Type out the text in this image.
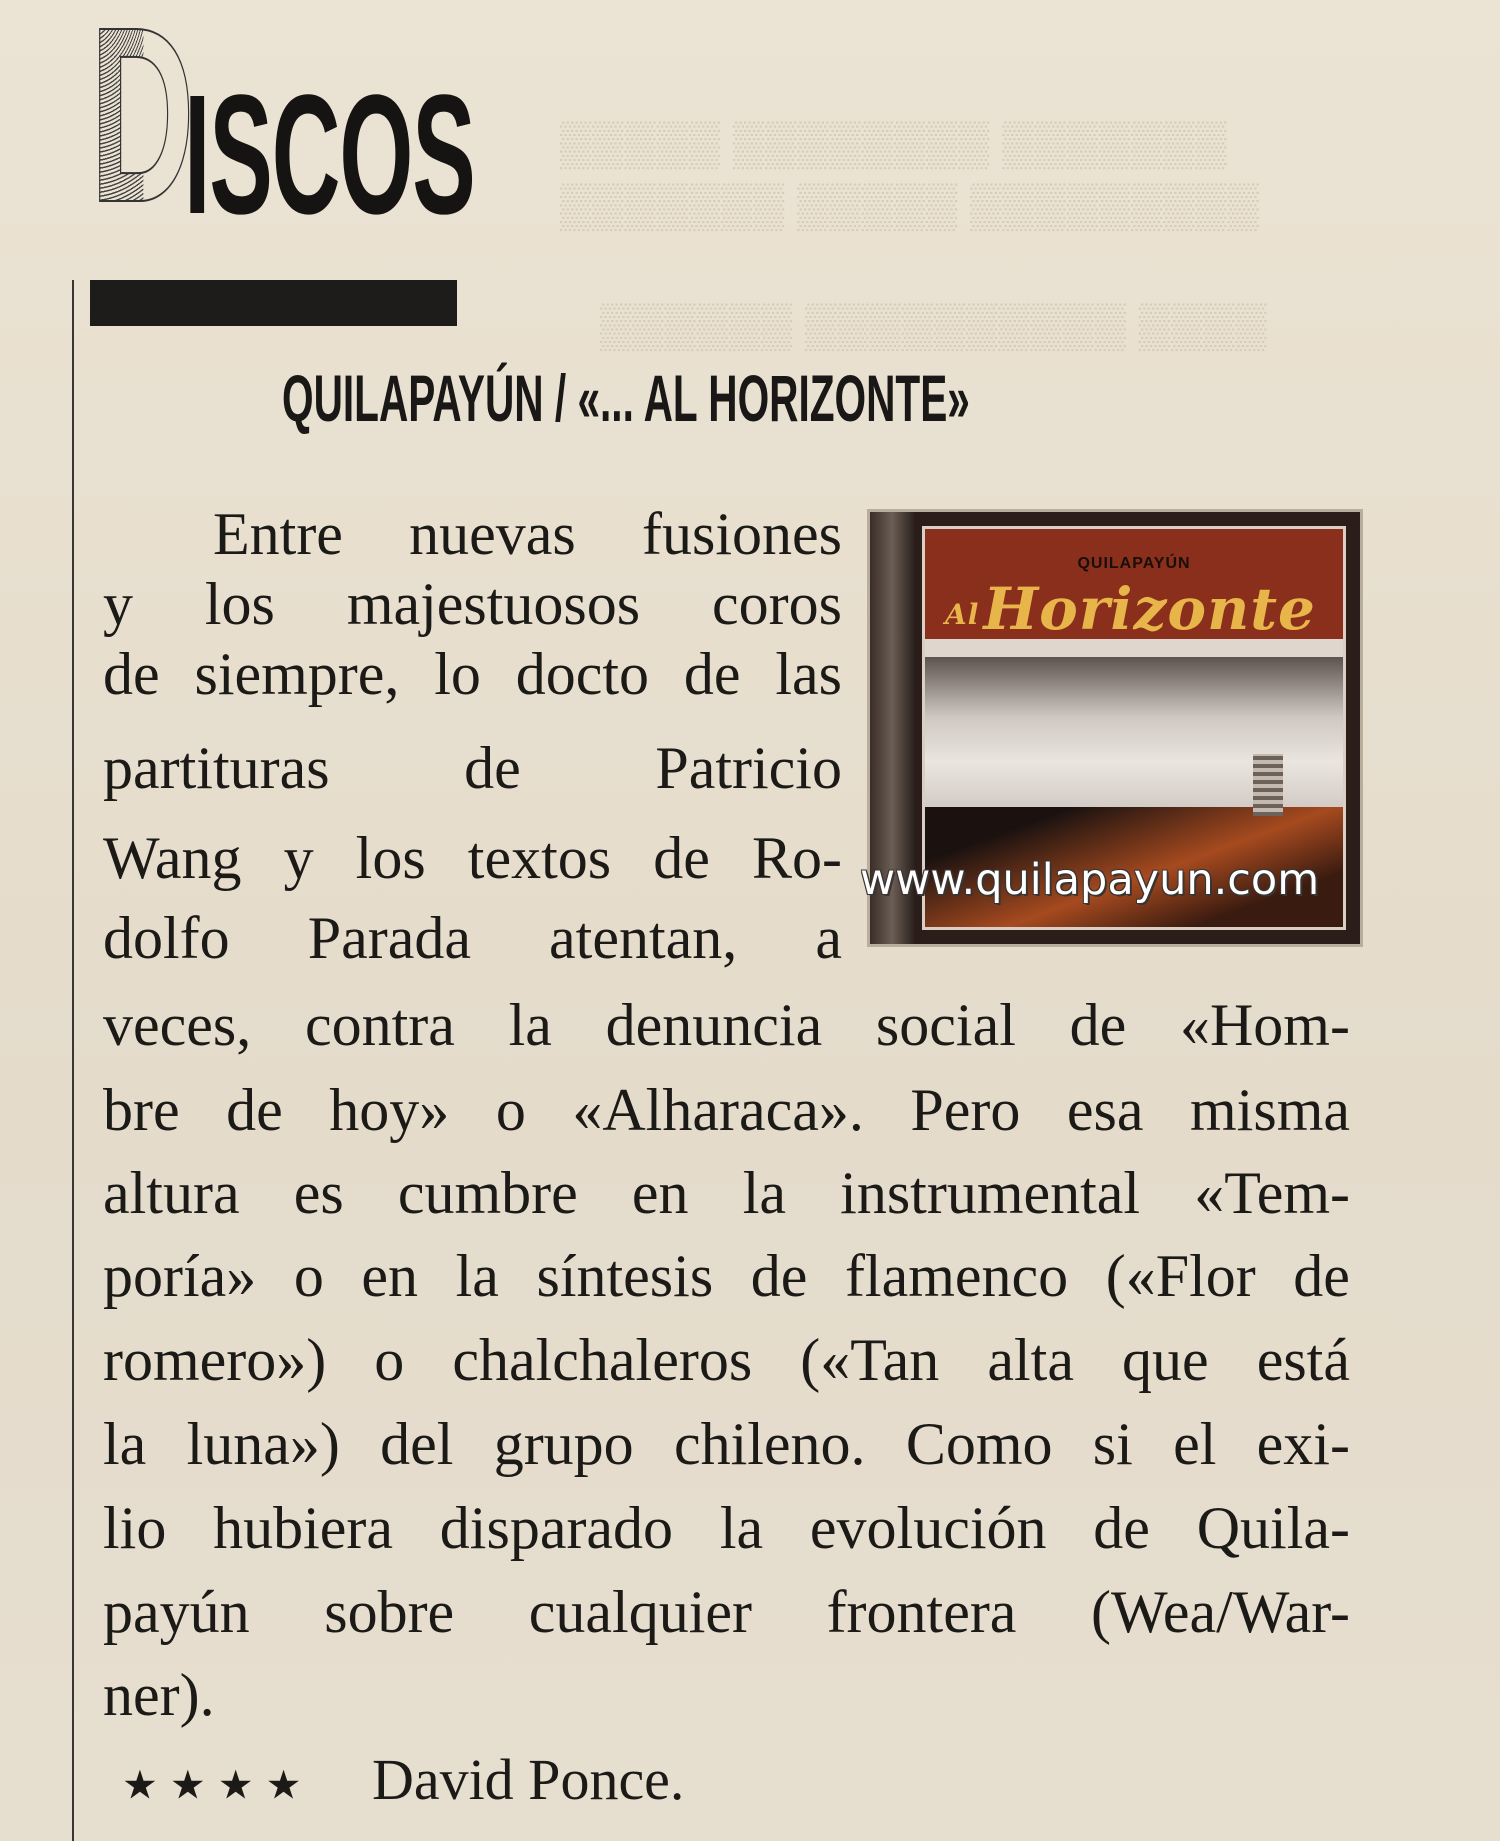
▒▒▒▒▒ ▒▒▒▒▒▒▒▒ ▒▒▒▒▒▒▒
▒▒▒▒▒▒▒ ▒▒▒▒▒ ▒▒▒▒▒▒▒▒▒
▒▒▒▒▒▒ ▒▒▒▒▒▒▒▒▒▒ ▒▒▒▒
D
ISCOS
QUILAPAYÚN / «... AL HORIZONTE»
QUILAPAYÚN
AlHorizonte
www.quilapayun.com
Entre nuevas fusiones
y los majestuosos coros
de siempre, lo docto de las
partituras de Patricio
Wang y los textos de Ro-
dolfo Parada atentan, a
veces, contra la denuncia social de «Hom-
bre de hoy» o «Alharaca». Pero esa misma
altura es cumbre en la instrumental «Tem-
poría» o en la síntesis de flamenco («Flor de
romero») o chalchaleros («Tan alta que está
la luna») del grupo chileno. Como si el exi-
lio hubiera disparado la evolución de Quila-
payún sobre cualquier frontera (Wea/War-
ner).
★★★★ David Ponce.
